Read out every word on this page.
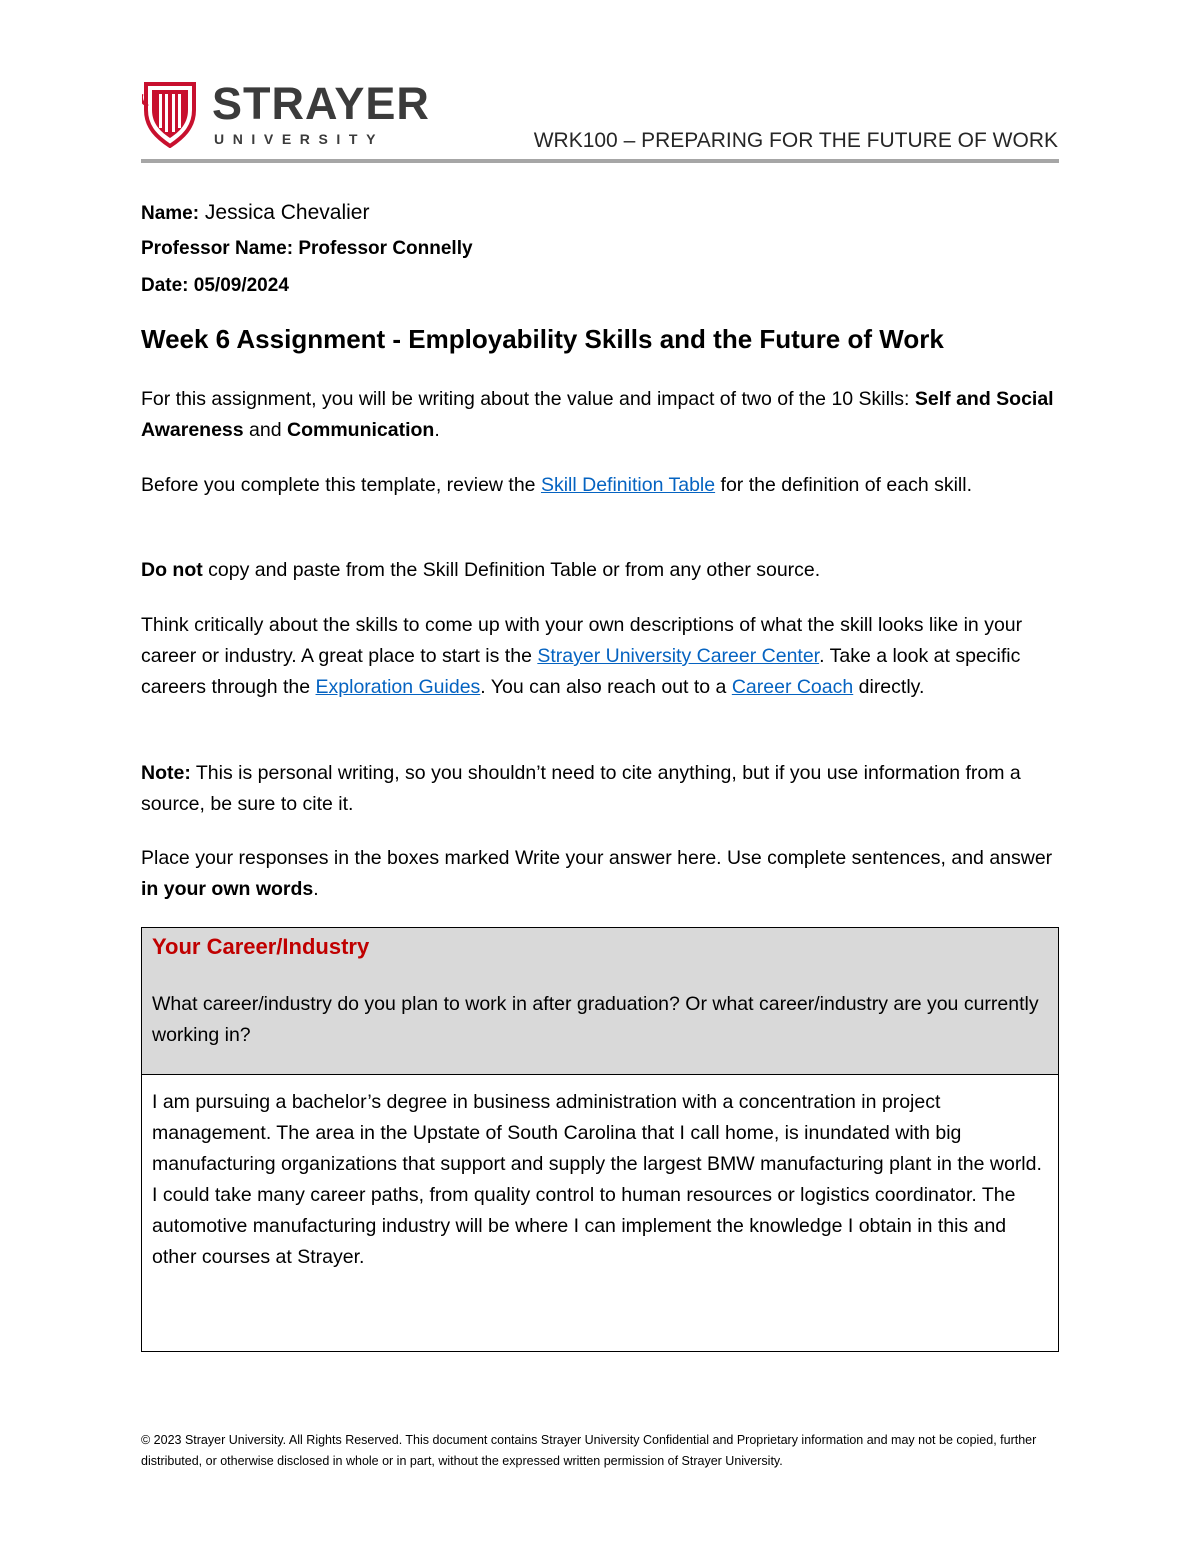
STRAYER
UNIVERSITY	WRK100 – PREPARING FOR THE FUTURE OF WORK
Name: Jessica Chevalier
Professor Name: Professor Connelly
Date: 05/09/2024
Week 6 Assignment - Employability Skills and the Future of Work
For this assignment, you will be writing about the value and impact of two of the 10 Skills: Self and Social Awareness and Communication.
Before you complete this template, review the Skill Definition Table for the definition of each skill.
Do not copy and paste from the Skill Definition Table or from any other source.
Think critically about the skills to come up with your own descriptions of what the skill looks like in your career or industry. A great place to start is the Strayer University Career Center. Take a look at specific careers through the Exploration Guides. You can also reach out to a Career Coach directly.
Note: This is personal writing, so you shouldn’t need to cite anything, but if you use information from a source, be sure to cite it.
Place your responses in the boxes marked Write your answer here. Use complete sentences, and answer in your own words.
Your Career/Industry
What career/industry do you plan to work in after graduation? Or what career/industry are you currently working in?
I am pursuing a bachelor’s degree in business administration with a concentration in project management. The area in the Upstate of South Carolina that I call home, is inundated with big manufacturing organizations that support and supply the largest BMW manufacturing plant in the world. I could take many career paths, from quality control to human resources or logistics coordinator. The automotive manufacturing industry will be where I can implement the knowledge I obtain in this and other courses at Strayer.
© 2023 Strayer University. All Rights Reserved. This document contains Strayer University Confidential and Proprietary information and may not be copied, further distributed, or otherwise disclosed in whole or in part, without the expressed written permission of Strayer University.
